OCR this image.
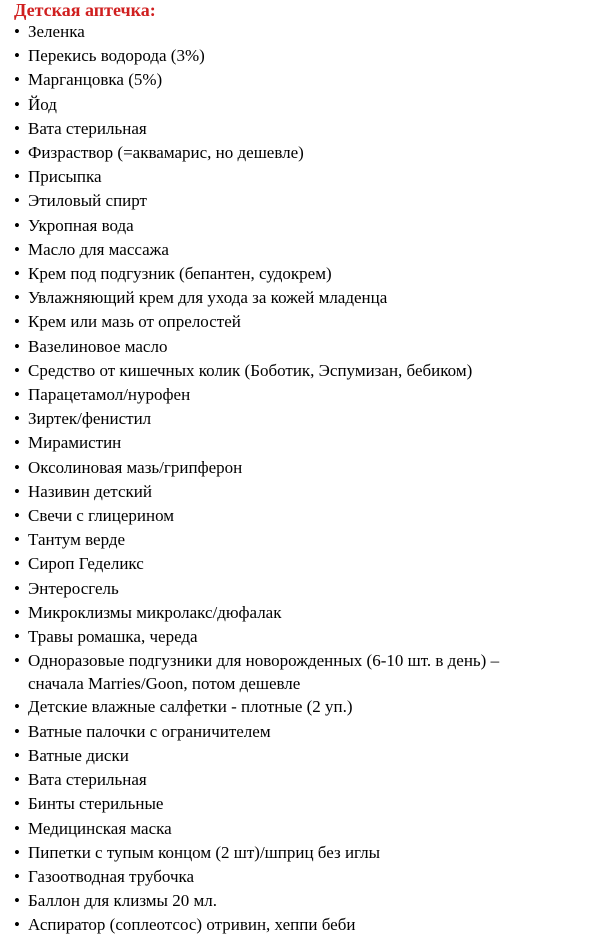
Детская аптечка:
• Зеленка
• Перекись водорода (3%)
• Марганцовка (5%)
• Йод
• Вата стерильная
• Физраствор (=аквамарис, но дешевле)
• Присыпка
• Этиловый спирт
• Укропная вода
• Масло для массажа
• Крем под подгузник (бепантен, судокрем)
• Увлажняющий крем для ухода за кожей младенца
• Крем или мазь от опрелостей
• Вазелиновое масло
• Средство от кишечных колик (Боботик, Эспумизан, бебиком)
• Парацетамол/нурофен
• Зиртек/фенистил
• Мирамистин
• Оксолиновая мазь/грипферон
• Називин детский
• Свечи с глицерином
• Тантум верде
• Сироп Геделикс
• Энтеросгель
• Микроклизмы микролакс/дюфалак
• Травы ромашка, череда
• Одноразовые подгузники для новорожденных (6-10 шт. в день) –
сначала Marries/Goon, потом дешевле
• Детские влажные салфетки - плотные (2 уп.)
• Ватные палочки с ограничителем
• Ватные диски
• Вата стерильная
• Бинты стерильные
• Медицинская маска
• Пипетки с тупым концом (2 шт)/шприц без иглы
• Газоотводная трубочка
• Баллон для клизмы 20 мл.
• Аспиратор (соплеотсос) отривин, хеппи беби
